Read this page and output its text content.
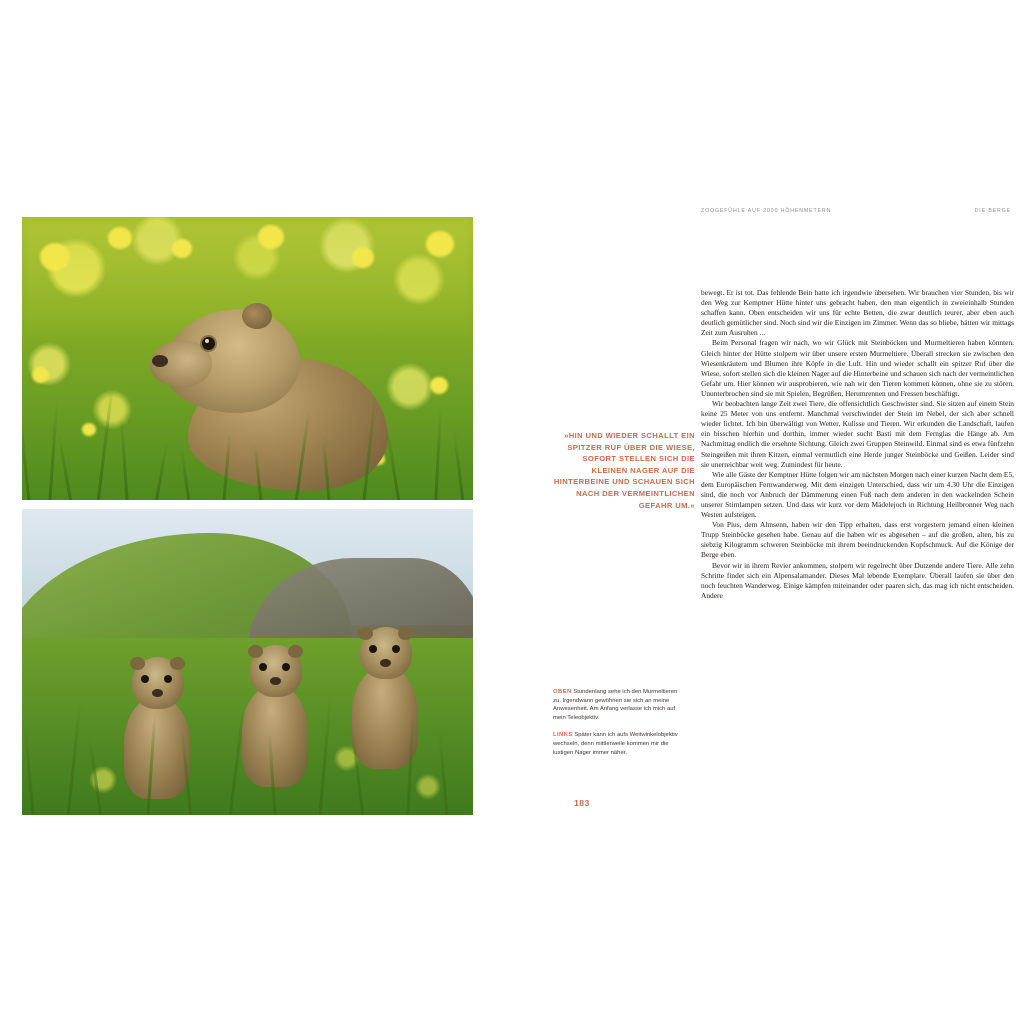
ZOOGEFÜHLE AUF 2000 HÖHENMETERN	DIE BERGE
»HIN UND WIEDER SCHALLT EIN SPITZER RUF ÜBER DIE WIESE, SOFORT STELLEN SICH DIE KLEINEN NAGER AUF DIE HINTERBEINE UND SCHAUEN SICH NACH DER VERMEINTLICHEN GEFAHR UM.«
OBEN Stundenlang sehe ich den Murmeltieren zu. Irgendwann gewöhnen sie sich an meine Anwesenheit. Am Anfang verlasse ich mich auf mein Teleobjektiv.
LINKS Später kann ich aufs Weitwinkelobjektiv wechseln, denn mittlerweile kommen mir die lustigen Nager immer näher.
183

bewegt. Er ist tot. Das fehlende Bein hatte ich irgendwie übersehen. Wir brauchen vier Stunden, bis wir den Weg zur Kemptner Hütte hinter uns gebracht haben, den man eigentlich in zweieinhalb Stunden schaffen kann. Oben entscheiden wir uns für echte Betten, die zwar deutlich teurer, aber eben auch deutlich gemütlicher sind. Noch sind wir die Einzigen im Zimmer. Wenn das so bliebe, hätten wir mittags Zeit zum Ausruhen ...

Beim Personal fragen wir nach, wo wir Glück mit Steinböcken und Murmeltieren haben könnten. Gleich hinter der Hütte stolpern wir über unsere ersten Murmeltiere. Überall strecken sie zwischen den Wiesenkräutern und Blumen ihre Köpfe in die Luft. Hin und wieder schallt ein spitzer Ruf über die Wiese, sofort stellen sich die kleinen Nager auf die Hinterbeine und schauen sich nach der vermeintlichen Gefahr um. Hier können wir ausprobieren, wie nah wir den Tieren kommen können, ohne sie zu stören. Ununterbrochen sind sie mit Spielen, Begrüßen, Herumrennen und Fressen beschäftigt.

Wir beobachten lange Zeit zwei Tiere, die offensichtlich Geschwister sind. Sie sitzen auf einem Stein keine 25 Meter von uns entfernt. Manchmal verschwindet der Stein im Nebel, der sich aber schnell wieder lichtet. Ich bin überwältigt von Wetter, Kulisse und Tieren. Wir erkunden die Landschaft, laufen ein bisschen hierhin und dorthin, immer wieder sucht Basti mit dem Fernglas die Hänge ab. Am Nachmittag endlich die ersehnte Sichtung. Gleich zwei Gruppen Steinwild. Einmal sind es etwa fünfzehn Steingeißen mit ihren Kitzen, einmal vermutlich eine Herde junger Steinböcke und Geißen. Leider sind sie unerreichbar weit weg. Zumindest für heute.

Wie alle Gäste der Kemptner Hütte folgen wir am nächsten Morgen nach einer kurzen Nacht dem E5, dem Europäischen Fernwanderweg. Mit dem einzigen Unterschied, dass wir um 4.30 Uhr die Einzigen sind, die noch vor Anbruch der Dämmerung einen Fuß nach dem anderen in den wackelnden Schein unserer Stirnlampen setzen. Und dass wir kurz vor dem Mädelejoch in Richtung Heilbronner Weg nach Westen aufsteigen.

Von Pius, dem Almsenn, haben wir den Tipp erhalten, dass erst vorgestern jemand einen kleinen Trupp Steinböcke gesehen habe. Genau auf die haben wir es abgesehen – auf die großen, alten, bis zu siebzig Kilogramm schweren Steinböcke mit ihrem beeindruckenden Kopfschmuck. Auf die Könige der Berge eben.

Bevor wir in ihrem Revier ankommen, stolpern wir regelrecht über Dutzende andere Tiere. Alle zehn Schritte findet sich ein Alpensalamander. Dieses Mal lebende Exemplare. Überall laufen sie über den noch feuchten Wanderweg. Einige kämpfen miteinander oder paaren sich, das mag ich nicht entscheiden. Andere
